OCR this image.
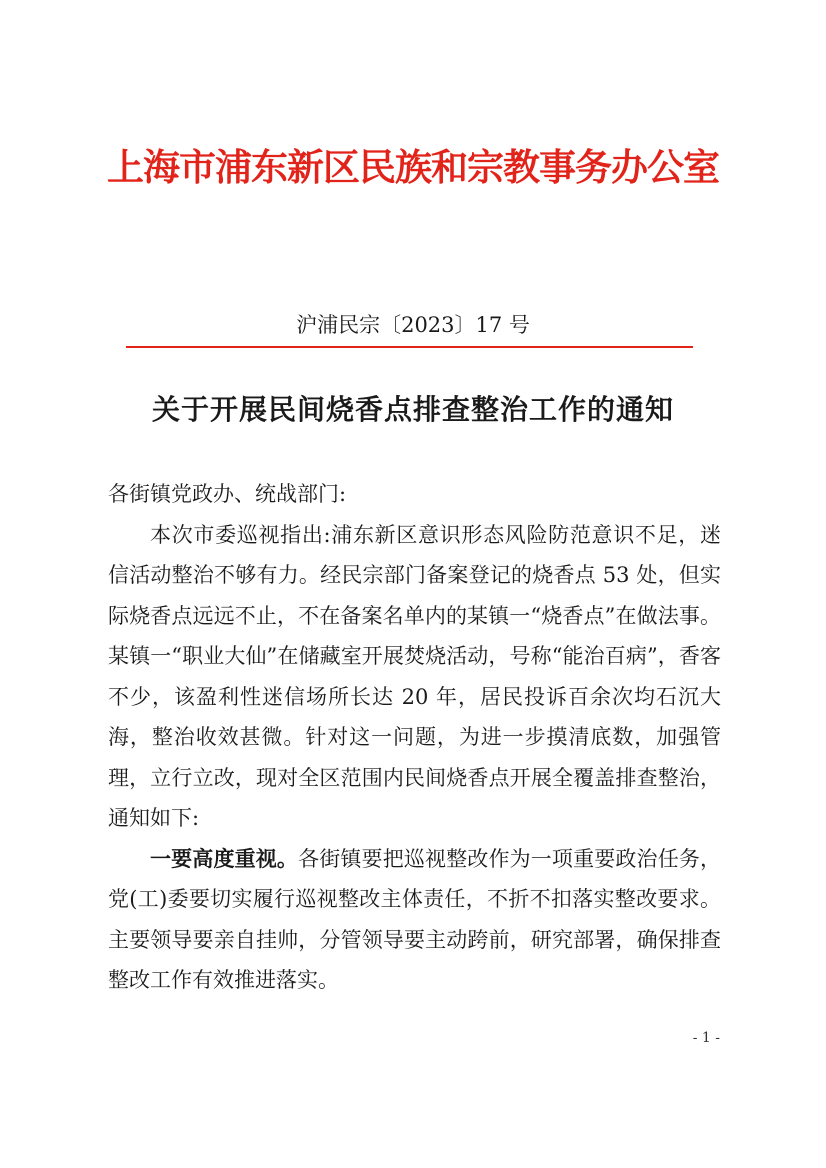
上海市浦东新区民族和宗教事务办公室
沪浦民宗〔2023〕17 号
关于开展民间烧香点排查整治工作的通知

各街镇党政办、统战部门:

本次市委巡视指出:浦东新区意识形态风险防范意识不足，迷信活动整治不够有力。经民宗部门备案登记的烧香点 53 处，但实际烧香点远远不止，不在备案名单内的某镇一“烧香点”在做法事。某镇一“职业大仙”在储藏室开展焚烧活动，号称“能治百病”，香客不少，该盈利性迷信场所长达 20 年，居民投诉百余次均石沉大海，整治收效甚微。针对这一问题，为进一步摸清底数，加强管理，立行立改，现对全区范围内民间烧香点开展全覆盖排查整治，通知如下:

一要高度重视。各街镇要把巡视整改作为一项重要政治任务，党(工)委要切实履行巡视整改主体责任，不折不扣落实整改要求。主要领导要亲自挂帅，分管领导要主动跨前，研究部署，确保排查整改工作有效推进落实。

- 1 -
